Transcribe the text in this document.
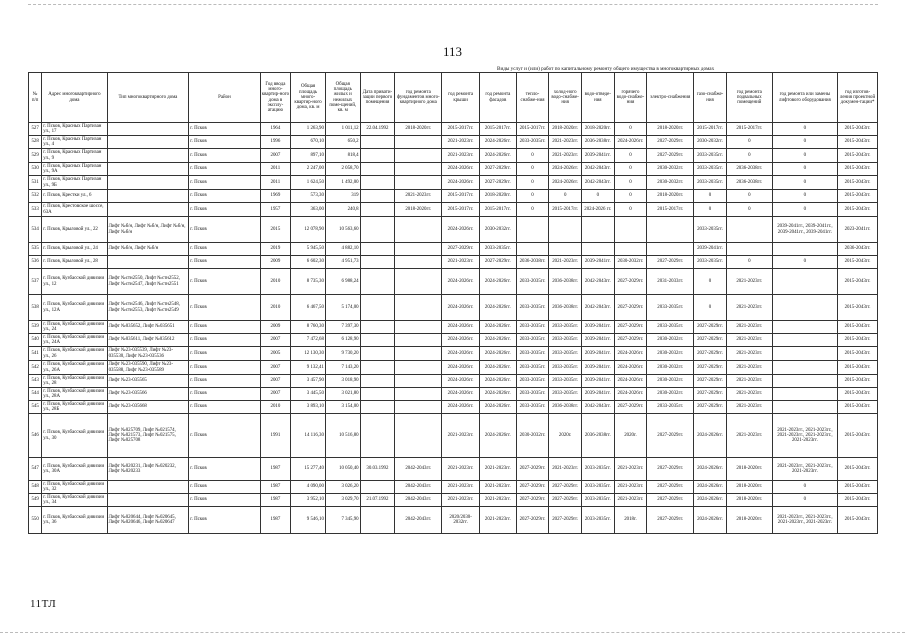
113
Виды услуг и (или) работ по капитальному ремонту общего имущества в многоквартирных домах
№
п/п	Адрес многоквартирного дома	Тип многоквартирного дома	Район	Год ввода много-квартир-ного дома в эксплу-атацию	Общая площадь много-квартир-ного дома, кв. м	Общая площадь жилых и нежилых поме-щений, кв. м	Дата привати-зации первого помещения	год ремонта фундаментов много-квартирного дома	год ремонта крыши	год ремонта фасадов	тепло-снабже-ния	холод-ного водо-снабже-ния	водо-отведе-ния	горячего водо-снабже-ния	электро-снабжения	газо-снабже-ния	год ремонта подвальных помещений	год ремонта или замены лифтового оборудования	год изготов-ления проектной докумен-тации*
527	г. Псков, Красных Партизан ул., 17		г. Псков	1964	1 263,90	1 011,12	22.04.1992	2018-2020гг.	2015-2017гг.	2015-2017гг.	2015-2017гг.	2018-2020гг.	2018-2020гг.	0	2018-2020гг.	2015-2017гг.	2015-2017гг.	0	2015-2043гг.
528	г. Псков, Красных Партизан ул., 4		г. Псков	1996	670,10	650,2			2021-2023гг.	2024-2026гг.	2033-2035гг.	2021-2023гг.	2036-2038гг.	2024-2026гг.	2027-2029гг.	2030-2032гг.	0	0	2015-2043гг.
529	г. Псков, Красных Партизан ул., 9		г. Псков	2007	897,10	818,4			2021-2023гг.	2024-2026гг.	0	2021-2023гг.	2039-2041гг.	0	2027-2029гг.	2033-2035гг.	0	0	2015-2043гг.
530	г. Псков, Красных Партизан ул., 9А		г. Псков	2011	2 247,00	2 058,70			2024-2026гг.	2027-2029гг.	0	2024-2026гг.	2042-2043гг.	0	2030-2032гг.	2033-2035гг.	2036-2038гг.	0	2015-2043гг.
531	г. Псков, Красных Партизан ул., 9Б		г. Псков	2011	1 624,50	1 492,00			2024-2026гг.	2027-2029гг.	0	2024-2026гг.	2042-2043гг.	0	2030-2032гг.	2033-2035гг.	2036-2038гг.	0	2015-2043гг.
532	г. Псков, Крестки ул., 6		г. Псков	1969	573,30	319		2021-2023гг.	2015-2017гг.	2018-2020гг.	0	0	0	0	2018-2020гг.	0	0	0	2015-2043гг.
533	г. Псков, Крестовское шоссе, 63А		г. Псков	1957	363,00	240,8		2018-2020гг.	2015-2017гг.	2015-2017гг.	0	2015-2017гг.	2024-2026 гг.	0	2015-2017гг.	0	0	0	2015-2043гг.
534	г. Псков, Крыловой ул., 22	Лифт №б/н, Лифт №б/н, Лифт №б/н, Лифт №б/н	г. Псков	2015	12 078,90	10 563,60			2024-2026гг.	2030-2032гг.						2033-2035гг.		2039-2041гг., 2039-2041гг., 2039-2041гг., 2039-2041гг.	2023-2041гг.
535	г. Псков, Крыловой ул., 24	Лифт №б/н, Лифт №б/н	г. Псков	2019	5 945,50	4 882,10			2027-2029гг.	2033-2035гг.						2039-2041гг.			2036-2043гг.
536	г. Псков, Крыловой ул., 28		г. Псков	2009	6 602,30	4 951,73			2021-2023гг.	2027-2029гг.	2036-2038гг.	2021-2023гг.	2039-2041гг.	2030-2032гг.	2027-2029гг.	2033-2035гг.	0	0	2015-2043гг.
537	г. Псков, Кузбасской дивизии ул., 12	Лифт №стн2550, Лифт №стн2552, Лифт №стн2547, Лифт №стн2551	г. Псков	2010	8 735,30	6 988,24			2024-2026гг.	2024-2026гг.	2033-2035гг.	2036-2038гг.	2042-2043гг.	2027-2029гг.	2031-2033гг.	0	2021-2023гг.		2015-2043гг.
538	г. Псков, Кузбасской дивизии ул., 12А	Лифт №стн2546, Лифт №стн2548, Лифт №стн2553, Лифт №стн2549	г. Псков	2010	6 467,50	5 174,00			2024-2026гг.	2024-2026гг.	2033-2035гг.	2036-2038гг.	2042-2043гг.	2027-2029гг.	2033-2035гг.	0	2021-2023гг.		2015-2043гг.
539	г. Псков, Кузбасской дивизии ул., 24	Лифт №035652, Лифт №035651	г. Псков	2009	8 760,30	7 397,30			2024-2026гг.	2024-2026гг.	2033-2035гг.	2033-2035гг.	2039-2041гг.	2027-2029гг.	2033-2035гг.	2027-2029гг.	2021-2023гг.		2015-2043гг.
540	г. Псков, Кузбасской дивизии ул., 24А	Лифт №035611, Лифт №035612	г. Псков	2007	7 472,68	6 128,90			2024-2026гг.	2024-2026гг.	2033-2035гг.	2033-2035гг.	2039-2041гг.	2027-2029гг.	2030-2032гг.	2027-2029гг.	2021-2023гг.		2015-2043гг.
541	г. Псков, Кузбасской дивизии ул., 26	Лифт №23-035539, Лифт №23-035530, Лифт №23-035536	г. Псков	2005	12 130,30	9 730,20			2024-2026гг.	2024-2026гг.	2033-2035гг.	2033-2035гг.	2039-2041гг.	2024-2026гг.	2030-2032гг.	2027-2029гг.	2021-2023гг.		2015-2043гг.
542	г. Псков, Кузбасской дивизии ул., 26А	Лифт №23-035590, Лифт №23-035588, Лифт №23-035589	г. Псков	2007	9 132,41	7 143,20			2024-2026гг.	2024-2026гг.	2033-2035гг.	2033-2035гг.	2039-2041гг.	2024-2026гг.	2030-2032гг.	2027-2029гг.	2021-2023гг.		2015-2043гг.
543	г. Псков, Кузбасской дивизии ул., 28	Лифт №23-035565	г. Псков	2007	3 457,90	3 018,90			2024-2026гг.	2024-2026гг.	2033-2035гг.	2033-2035гг.	2039-2041гг.	2024-2026гг.	2030-2032гг.	2027-2029гг.	2021-2023гг.		2015-2043гг.
544	г. Псков, Кузбасской дивизии ул., 28А	Лифт №23-035566	г. Псков	2007	3 445,50	3 021,80			2024-2026гг.	2024-2026гг.	2033-2035гг.	2033-2035гг.	2039-2041гг.	2024-2026гг.	2030-2032гг.	2027-2029гг.	2021-2023гг.		2015-2043гг.
545	г. Псков, Кузбасской дивизии ул., 28Б	Лифт №23-035668	г. Псков	2010	3 893,10	3 154,00			2024-2026гг.	2024-2026гг.	2033-2035гг.	2036-2038гг.	2042-2043гг.	2027-2029гг.	2033-2035гг.	2027-2029гг.	2021-2023гг.		2015-2043гг.
546	г. Псков, Кузбасской дивизии ул., 30	Лифт №025709, Лифт №021574, Лифт №021573, Лифт №021575, Лифт №025708	г. Псков	1991	14 116,30	10 516,80			2021-2023гг.	2024-2026гг.	2030-2032гг.	2020г.	2036-2038гг.	2020г.	2027-2029гг.	2024-2026гг.	2021-2023гг.	2021-2023гг., 2021-2023гг., 2021-2023гг., 2021-2023гг., 2021-2023гг.	2015-2043гг.
547	г. Псков, Кузбасской дивизии ул., 30А	Лифт №020231, Лифт №020232, Лифт №020233	г. Псков	1987	15 277,40	10 050,40	30.03.1992	2042-2043гг.	2021-2023гг.	2021-2023гг.	2027-2029гг.	2021-2023гг.	2033-2035гг.	2021-2023гг.	2027-2029гг.	2024-2026гг.	2018-2020гг.	2021-2023гг., 2021-2023гг., 2021-2023гг.	2015-2043гг.
548	г. Псков, Кузбасской дивизии ул., 32		г. Псков	1987	4 090,00	3 026,20		2042-2043гг.	2021-2023гг.	2021-2023гг.	2027-2029гг.	2027-2029гг.	2033-2035гг.	2021-2023гг.	2027-2029гг.	2024-2026гг.	2018-2020гг.	0	2015-2043гг.
549	г. Псков, Кузбасской дивизии ул., 34		г. Псков	1987	3 952,10	3 029,70	21.07.1992	2042-2043гг.	2021-2023гг.	2021-2023гг.	2027-2029гг.	2027-2029гг.	2033-2035гг.	2021-2023гг.	2027-2029гг.	2024-2026гг.	2018-2020гг.	0	2015-2043гг.
550	г. Псков, Кузбасской дивизии ул., 36	Лифт №020644, Лифт №020645, Лифт №020646, Лифт №020647	г. Псков	1987	9 546,10	7 345,90		2042-2043гг.	2020/2030-2032гг.	2021-2023гг.	2027-2029гг.	2027-2029гг.	2033-2035гг.	2018г.	2027-2029гг.	2024-2026гг.	2018-2020гг.	2021-2023гг., 2021-2023гг., 2021-2023гг., 2021-2023гг.	2015-2043гг.
11ТЛ
